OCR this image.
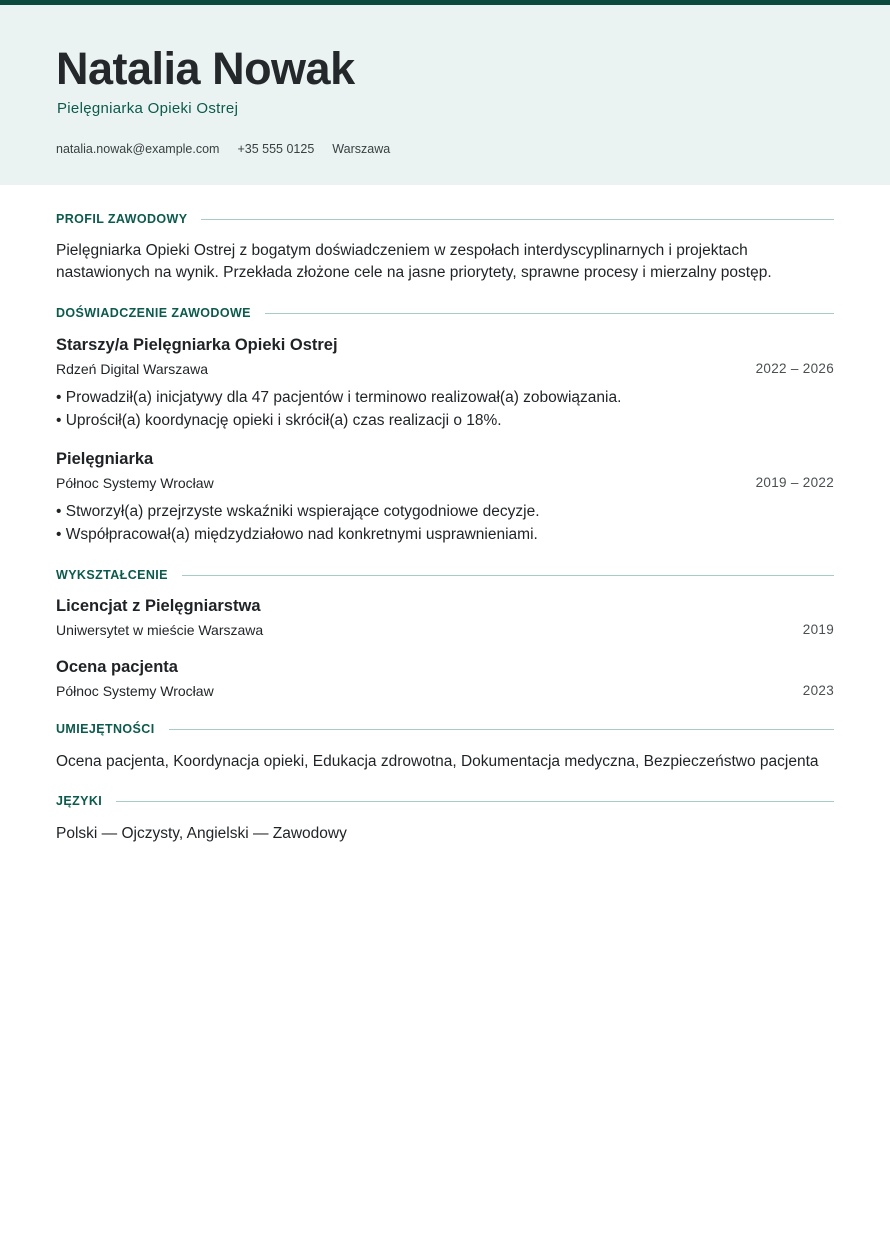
Natalia Nowak
Pielęgniarka Opieki Ostrej
natalia.nowak@example.com +35 555 0125 Warszawa
PROFIL ZAWODOWY
Pielęgniarka Opieki Ostrej z bogatym doświadczeniem w zespołach interdyscyplinarnych i projektach nastawionych na wynik. Przekłada złożone cele na jasne priorytety, sprawne procesy i mierzalny postęp.
DOŚWIADCZENIE ZAWODOWE
Starszy/a Pielęgniarka Opieki Ostrej
Rdzeń Digital Warszawa	2022 – 2026
• Prowadził(a) inicjatywy dla 47 pacjentów i terminowo realizował(a) zobowiązania.
• Uprościł(a) koordynację opieki i skrócił(a) czas realizacji o 18%.
Pielęgniarka
Północ Systemy Wrocław	2019 – 2022
• Stworzył(a) przejrzyste wskaźniki wspierające cotygodniowe decyzje.
• Współpracował(a) międzydziałowo nad konkretnymi usprawnieniami.
WYKSZTAŁCENIE
Licencjat z Pielęgniarstwa
Uniwersytet w mieście Warszawa	2019
Ocena pacjenta
Północ Systemy Wrocław	2023
UMIEJĘTNOŚCI
Ocena pacjenta, Koordynacja opieki, Edukacja zdrowotna, Dokumentacja medyczna, Bezpieczeństwo pacjenta
JĘZYKI
Polski — Ojczysty, Angielski — Zawodowy
